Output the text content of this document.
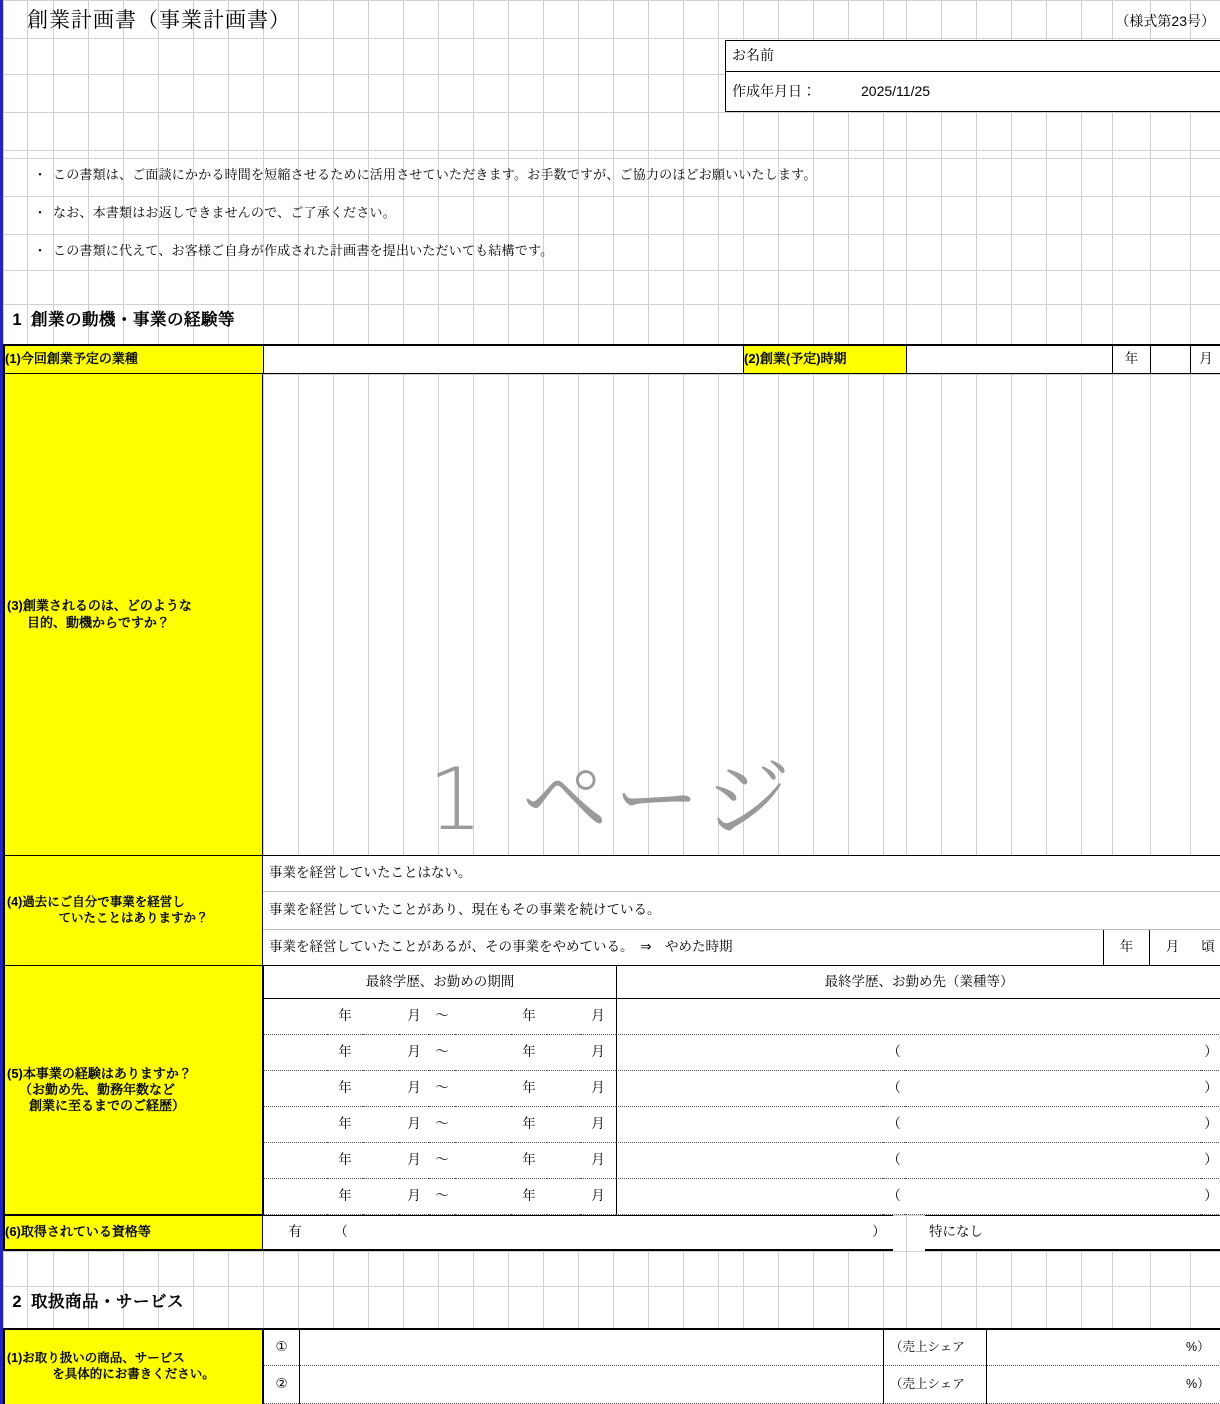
1 ページ
創業計画書（事業計画書）	（様式第23号）
お名前
作成年月日：	2025/11/25
・ この書類は、ご面談にかかる時間を短縮させるために活用させていただきます。お手数ですが、ご協力のほどお願いいたします。
・ なお、本書類はお返しできませんので、ご了承ください。
・ この書類に代えて、お客様ご自身が作成された計画書を提出いただいても結構です。
1 創業の動機・事業の経験等
(1)今回創業予定の業種	(2)創業(予定)時期	年	月
(3)創業されるのは、どのような
目的、動機からですか？
(4)過去にご自分で事業を経営し
ていたことはありますか？
事業を経営していたことはない。
事業を経営していたことがあり、現在もその事業を続けている。
事業を経営していたことがあるが、その事業をやめている。　⇒　やめた時期	年	月	頃
(5)本事業の経験はありますか？
（お勤め先、勤務年数など
創業に至るまでのご経歴）
最終学歴、お勤めの期間	最終学歴、お勤め先（業種等）
年	月	～	年	月
年	月	～	年	月	（	）
年	月	～	年	月	（	）
年	月	～	年	月	（	）
年	月	～	年	月	（	）
年	月	～	年	月	（	）
(6)取得されている資格等	有	（	）	特になし
2 取扱商品・サービス
(1)お取り扱いの商品、サービス
を具体的にお書きください。
①	（売上シェア	%）
②	（売上シェア	%）
